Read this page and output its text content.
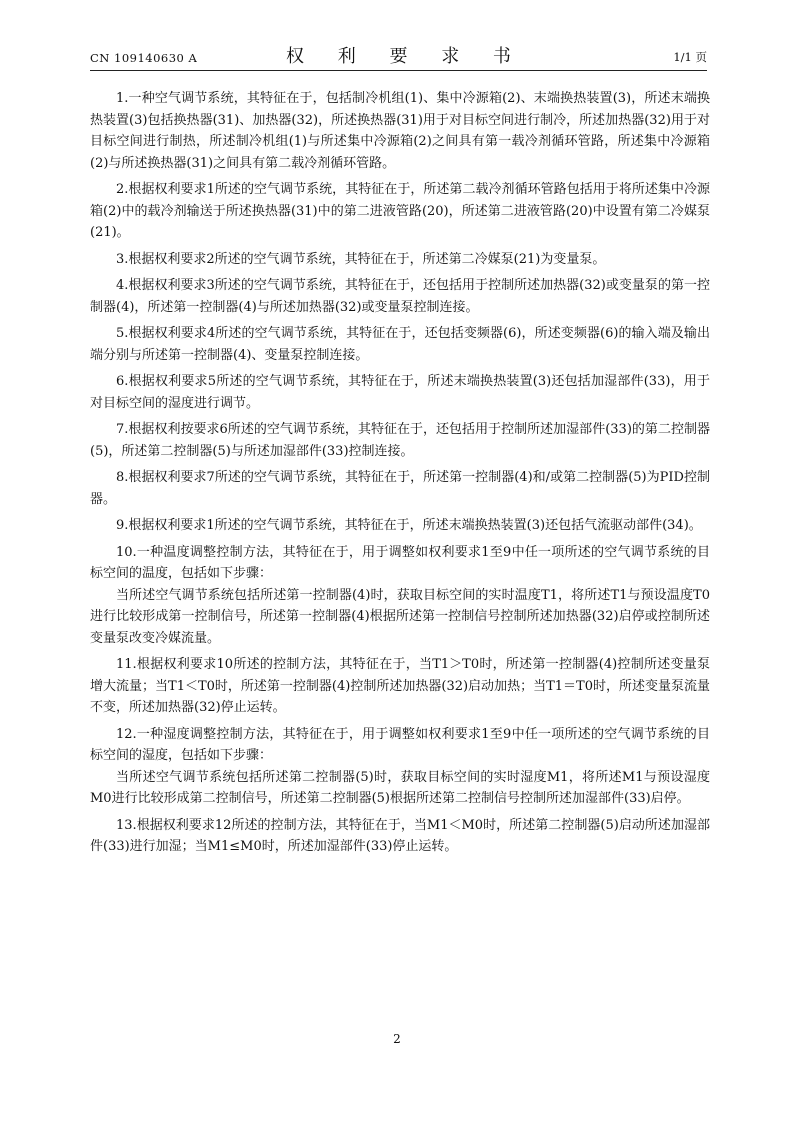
CN 109140630 A	权 利 要 求 书	1/1 页

1.一种空气调节系统，其特征在于，包括制冷机组(1)、集中冷源箱(2)、末端换热装置(3)，所述末端换热装置(3)包括换热器(31)、加热器(32)，所述换热器(31)用于对目标空间进行制冷，所述加热器(32)用于对目标空间进行制热，所述制冷机组(1)与所述集中冷源箱(2)之间具有第一载冷剂循环管路，所述集中冷源箱(2)与所述换热器(31)之间具有第二载冷剂循环管路。

2.根据权利要求1所述的空气调节系统，其特征在于，所述第二载冷剂循环管路包括用于将所述集中冷源箱(2)中的载冷剂输送于所述换热器(31)中的第二进液管路(20)，所述第二进液管路(20)中设置有第二冷媒泵(21)。

3.根据权利要求2所述的空气调节系统，其特征在于，所述第二冷媒泵(21)为变量泵。

4.根据权利要求3所述的空气调节系统，其特征在于，还包括用于控制所述加热器(32)或变量泵的第一控制器(4)，所述第一控制器(4)与所述加热器(32)或变量泵控制连接。

5.根据权利要求4所述的空气调节系统，其特征在于，还包括变频器(6)，所述变频器(6)的输入端及输出端分别与所述第一控制器(4)、变量泵控制连接。

6.根据权利要求5所述的空气调节系统，其特征在于，所述末端换热装置(3)还包括加湿部件(33)，用于对目标空间的湿度进行调节。

7.根据权利按要求6所述的空气调节系统，其特征在于，还包括用于控制所述加湿部件(33)的第二控制器(5)，所述第二控制器(5)与所述加湿部件(33)控制连接。

8.根据权利要求7所述的空气调节系统，其特征在于，所述第一控制器(4)和/或第二控制器(5)为PID控制器。

9.根据权利要求1所述的空气调节系统，其特征在于，所述末端换热装置(3)还包括气流驱动部件(34)。

10.一种温度调整控制方法，其特征在于，用于调整如权利要求1至9中任一项所述的空气调节系统的目标空间的温度，包括如下步骤：

当所述空气调节系统包括所述第一控制器(4)时，获取目标空间的实时温度T1，将所述T1与预设温度T0进行比较形成第一控制信号，所述第一控制器(4)根据所述第一控制信号控制所述加热器(32)启停或控制所述变量泵改变冷媒流量。

11.根据权利要求10所述的控制方法，其特征在于，当T1＞T0时，所述第一控制器(4)控制所述变量泵增大流量；当T1＜T0时，所述第一控制器(4)控制所述加热器(32)启动加热；当T1＝T0时，所述变量泵流量不变，所述加热器(32)停止运转。

12.一种湿度调整控制方法，其特征在于，用于调整如权利要求1至9中任一项所述的空气调节系统的目标空间的湿度，包括如下步骤：

当所述空气调节系统包括所述第二控制器(5)时，获取目标空间的实时湿度M1，将所述M1与预设湿度M0进行比较形成第二控制信号，所述第二控制器(5)根据所述第二控制信号控制所述加湿部件(33)启停。

13.根据权利要求12所述的控制方法，其特征在于，当M1＜M0时，所述第二控制器(5)启动所述加湿部件(33)进行加湿；当M1≤M0时，所述加湿部件(33)停止运转。

2
